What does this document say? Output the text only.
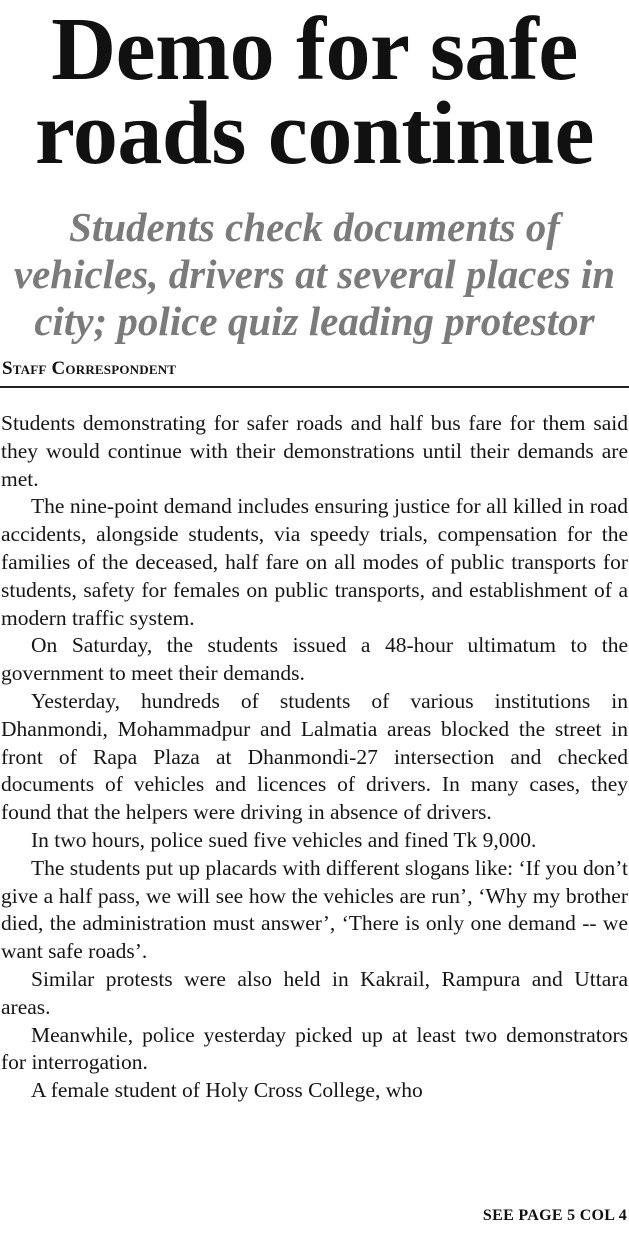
Demo for safe
roads continue
Students check documents of
vehicles, drivers at several places in
city; police quiz leading protestor
Staff Correspondent

Students demonstrating for safer roads and half bus fare for them said they would continue with their demonstrations until their demands are met.

The nine-point demand includes ensuring justice for all killed in road accidents, alongside students, via speedy trials, compensation for the families of the deceased, half fare on all modes of public transports for students, safety for females on public transports, and establishment of a modern traffic system.

On Saturday, the students issued a 48-hour ultimatum to the government to meet their demands.

Yesterday, hundreds of students of various institutions in Dhanmondi, Mohammadpur and Lalmatia areas blocked the street in front of Rapa Plaza at Dhanmondi-27 intersection and checked documents of vehicles and licences of drivers. In many cases, they found that the helpers were driving in absence of drivers.

In two hours, police sued five vehicles and fined Tk 9,000.

The students put up placards with different slogans like: ‘If you don’t give a half pass, we will see how the vehicles are run’, ‘Why my brother died, the administration must answer’, ‘There is only one demand -- we want safe roads’.

Similar protests were also held in Kakrail, Rampura and Uttara areas.

Meanwhile, police yesterday picked up at least two demonstrators for interrogation.

A female student of Holy Cross College, who

SEE PAGE 5 COL 4
